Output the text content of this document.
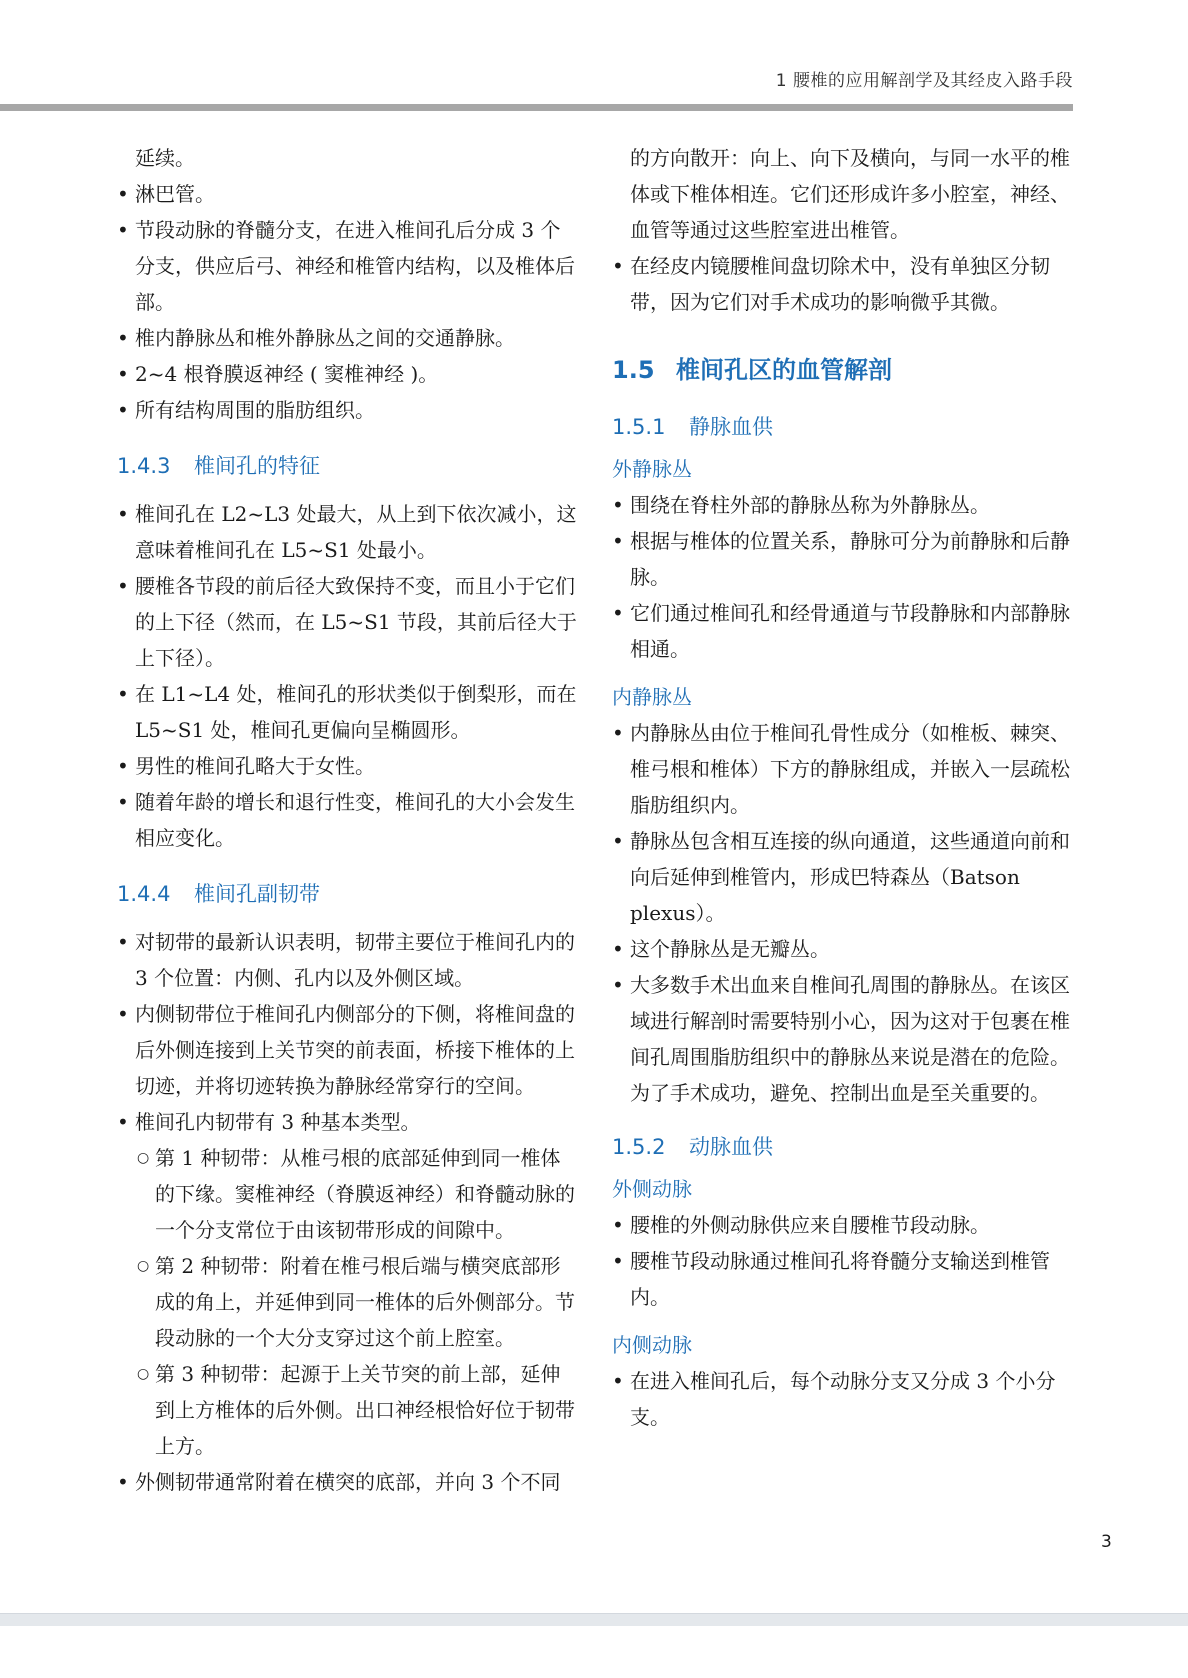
1 腰椎的应用解剖学及其经皮入路手段

延续。

• 淋巴管。

• 节段动脉的脊髓分支，在进入椎间孔后分成 3 个分支，供应后弓、神经和椎管内结构，以及椎体后部。

• 椎内静脉丛和椎外静脉丛之间的交通静脉。

• 2~4 根脊膜返神经 ( 窦椎神经 )。

• 所有结构周围的脂肪组织。

1.4.3 椎间孔的特征

• 椎间孔在 L2~L3 处最大，从上到下依次减小，这意味着椎间孔在 L5~S1 处最小。

• 腰椎各节段的前后径大致保持不变，而且小于它们的上下径（然而，在 L5~S1 节段，其前后径大于上下径）。

• 在 L1~L4 处，椎间孔的形状类似于倒梨形，而在 L5~S1 处，椎间孔更偏向呈椭圆形。

• 男性的椎间孔略大于女性。

• 随着年龄的增长和退行性变，椎间孔的大小会发生相应变化。

1.4.4 椎间孔副韧带

• 对韧带的最新认识表明，韧带主要位于椎间孔内的 3 个位置：内侧、孔内以及外侧区域。

• 内侧韧带位于椎间孔内侧部分的下侧，将椎间盘的后外侧连接到上关节突的前表面，桥接下椎体的上切迹，并将切迹转换为静脉经常穿行的空间。

• 椎间孔内韧带有 3 种基本类型。

○ 第 1 种韧带：从椎弓根的底部延伸到同一椎体的下缘。窦椎神经（脊膜返神经）和脊髓动脉的一个分支常位于由该韧带形成的间隙中。

○ 第 2 种韧带：附着在椎弓根后端与横突底部形成的角上，并延伸到同一椎体的后外侧部分。节段动脉的一个大分支穿过这个前上腔室。

○ 第 3 种韧带：起源于上关节突的前上部，延伸到上方椎体的后外侧。出口神经根恰好位于韧带上方。

• 外侧韧带通常附着在横突的底部，并向 3 个不同

的方向散开：向上、向下及横向，与同一水平的椎体或下椎体相连。它们还形成许多小腔室，神经、血管等通过这些腔室进出椎管。

• 在经皮内镜腰椎间盘切除术中，没有单独区分韧带，因为它们对手术成功的影响微乎其微。

1.5 椎间孔区的血管解剖
1.5.1 静脉血供
外静脉丛

• 围绕在脊柱外部的静脉丛称为外静脉丛。

• 根据与椎体的位置关系，静脉可分为前静脉和后静脉。

• 它们通过椎间孔和经骨通道与节段静脉和内部静脉相通。

内静脉丛

• 内静脉丛由位于椎间孔骨性成分（如椎板、棘突、椎弓根和椎体）下方的静脉组成，并嵌入一层疏松脂肪组织内。

• 静脉丛包含相互连接的纵向通道，这些通道向前和向后延伸到椎管内，形成巴特森丛（Batson plexus）。

• 这个静脉丛是无瓣丛。

• 大多数手术出血来自椎间孔周围的静脉丛。在该区域进行解剖时需要特别小心，因为这对于包裹在椎间孔周围脂肪组织中的静脉丛来说是潜在的危险。为了手术成功，避免、控制出血是至关重要的。

1.5.2 动脉血供
外侧动脉

• 腰椎的外侧动脉供应来自腰椎节段动脉。

• 腰椎节段动脉通过椎间孔将脊髓分支输送到椎管内。

内侧动脉

• 在进入椎间孔后，每个动脉分支又分成 3 个小分支。

3
